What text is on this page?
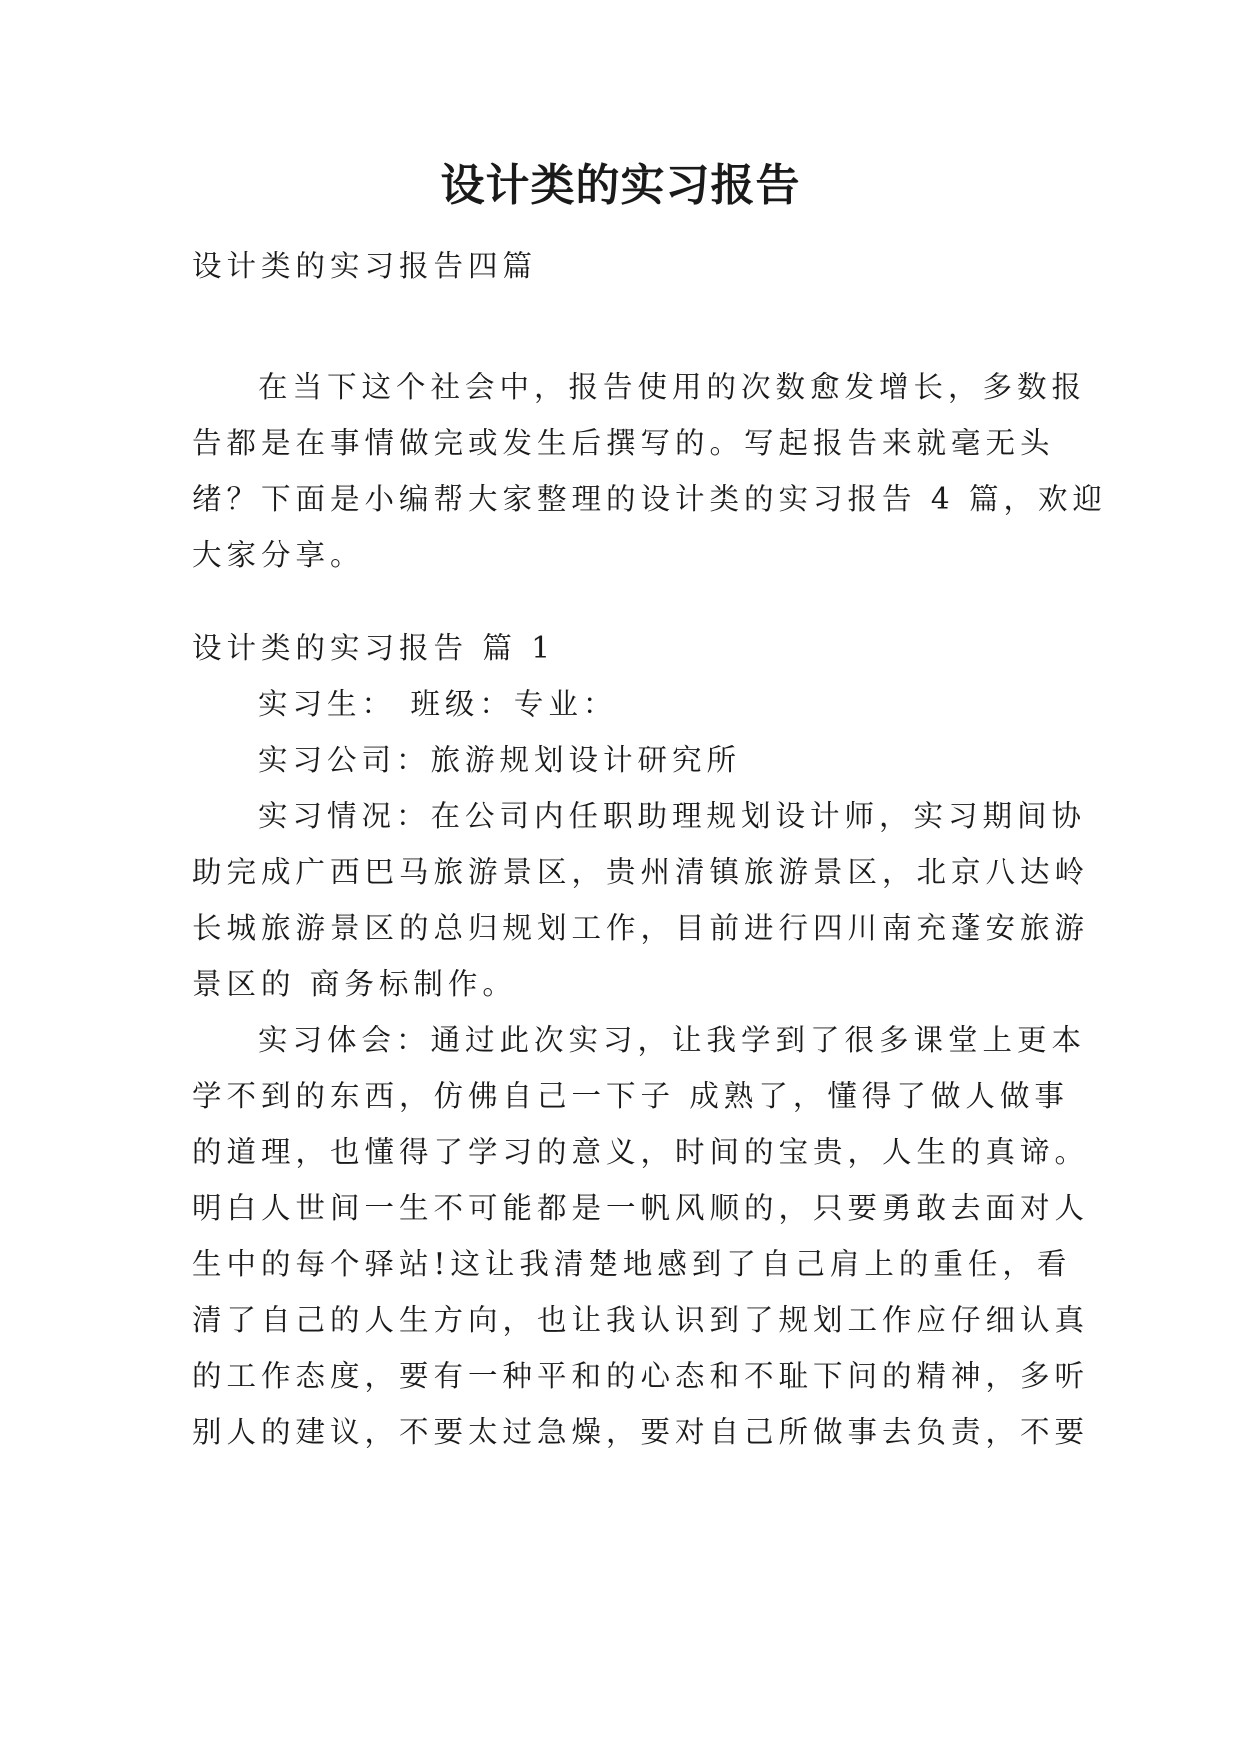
设计类的实习报告
设计类的实习报告四篇
在当下这个社会中，报告使用的次数愈发增长，多数报
告都是在事情做完或发生后撰写的。写起报告来就毫无头
绪？下面是小编帮大家整理的设计类的实习报告 4 篇，欢迎
大家分享。
设计类的实习报告 篇 1
实习生： 班级：专业：
实习公司：旅游规划设计研究所
实习情况：在公司内任职助理规划设计师，实习期间协
助完成广西巴马旅游景区，贵州清镇旅游景区，北京八达岭
长城旅游景区的总归规划工作，目前进行四川南充蓬安旅游
景区的 商务标制作。
实习体会：通过此次实习，让我学到了很多课堂上更本
学不到的东西，仿佛自己一下子 成熟了，懂得了做人做事
的道理，也懂得了学习的意义，时间的宝贵，人生的真谛。
明白人世间一生不可能都是一帆风顺的，只要勇敢去面对人
生中的每个驿站!这让我清楚地感到了自己肩上的重任，看
清了自己的人生方向，也让我认识到了规划工作应仔细认真
的工作态度，要有一种平和的心态和不耻下问的精神，多听
别人的建议，不要太过急燥，要对自己所做事去负责，不要
